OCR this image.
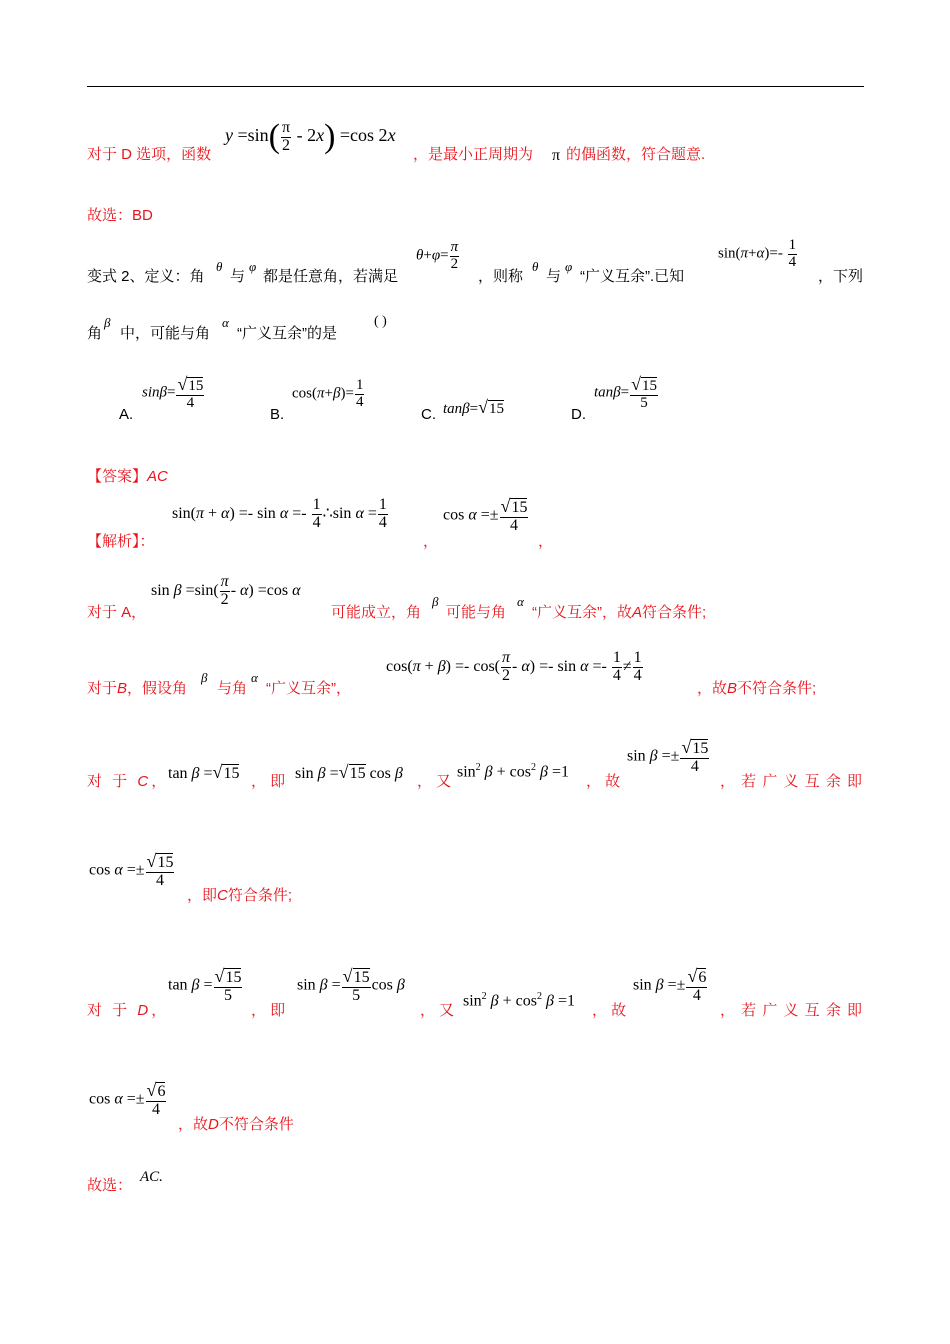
对于 D 选项，函数
$y =\sin( \frac{\pi}{2} - 2x) =\cos$ 2x
，是最小正周期为 π 的偶函数，符合题意.
故选：BD
变式 2、定义：角
θ
与
φ
都是任意角，若满足
$\theta+\varphi= \frac{\pi}{2}$
，则称
θ
与
φ
“广义互余”.已知
$\sin(\pi+\alpha)=- \frac{1}{4}$
，下列
角
β
中，可能与角
α
“广义互余”的是
( )
A.
$\sin\beta= \frac{√15}{4}$
B.
$\cos(\pi+\beta)= \frac{1}{4}$
C. tanβ=√15	D.
$\tan\beta= \frac{√15}{5}$
【答案】AC
【解析】：
$\sin(\pi + \alpha) =- \sin \alpha =- \frac{1}{4}$ ∴sin $\alpha = \frac{1}{4}$
，
$\cos \alpha =\pm \frac{√15}{4}$
，
对于 A，
$\sin \beta =\sin( \frac{\pi}{2} - \alpha) =\cos$ α
可能成立，角
β
可能与角
α
“广义互余”，故A符合条件;
对于B，假设角
β
与角
α
“广义互余”，
$\cos(\pi + \beta) =- \cos( \frac{\pi}{2} - \alpha) =- \sin \alpha =- \frac{1}{4} \ne \frac{1}{4}$
，故B不符合条件;
对 于 C，
tan β =√15 ， 即 sin β =√15 cos β ， 又
$\sin^2 \beta + \cos^2 \beta =1$
， 故
$\sin \beta =\pm \frac{√15}{4}$
， 若 广 义 互 余 即
$\cos \alpha =\pm \frac{√15}{4}$
，即C符合条件;
对 于 D，
$\tan \beta = \frac{√15}{5}$
， 即
$\sin \beta = \frac{√15}{5}$ cos β
， 又
$\sin^2 \beta + \cos^2 \beta =1$
， 故
$\sin \beta =\pm \frac{√6}{4}$
， 若 广 义 互 余 即
$\cos \alpha =\pm \frac{√6}{4}$
，故D不符合条件
故选： AC.
